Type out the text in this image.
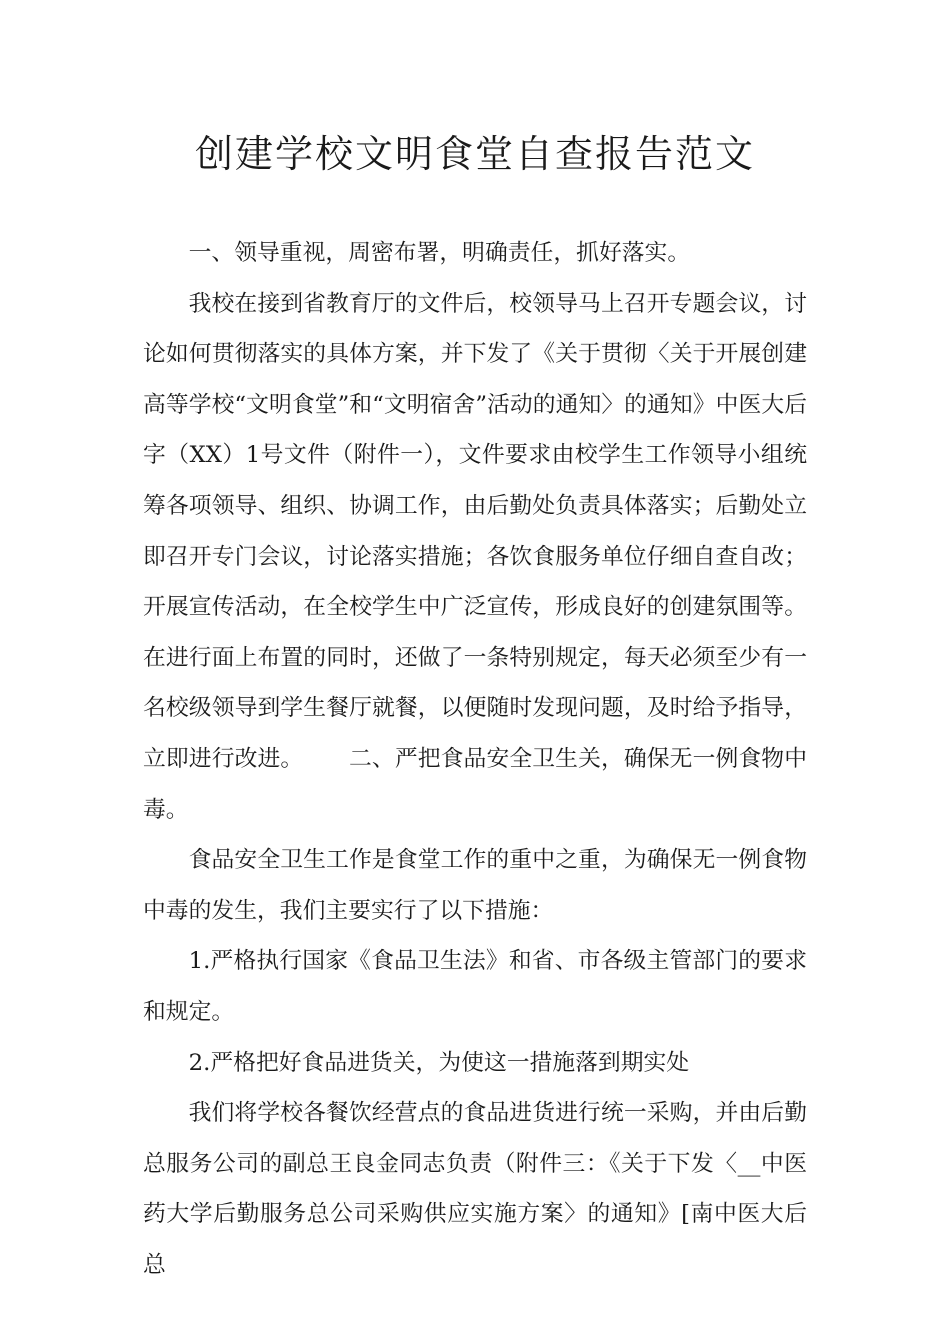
创建学校文明食堂自查报告范文

一、领导重视，周密布署，明确责任，抓好落实。

我校在接到省教育厅的文件后，校领导马上召开专题会议，讨论如何贯彻落实的具体方案，并下发了《关于贯彻〈关于开展创建高等学校“文明食堂”和“文明宿舍”活动的通知〉的通知》中医大后字（XX）1号文件（附件一），文件要求由校学生工作领导小组统筹各项领导、组织、协调工作，由后勤处负责具体落实；后勤处立即召开专门会议，讨论落实措施；各饮食服务单位仔细自查自改；开展宣传活动，在全校学生中广泛宣传，形成良好的创建氛围等。在进行面上布置的同时，还做了一条特别规定，每天必须至少有一名校级领导到学生餐厅就餐，以便随时发现问题，及时给予指导，立即进行改进。 二、严把食品安全卫生关，确保无一例食物中毒。

食品安全卫生工作是食堂工作的重中之重，为确保无一例食物中毒的发生，我们主要实行了以下措施：

1.严格执行国家《食品卫生法》和省、市各级主管部门的要求和规定。

2.严格把好食品进货关，为使这一措施落到期实处

我们将学校各餐饮经营点的食品进货进行统一采购，并由后勤总服务公司的副总王良金同志负责（附件三：《关于下发〈__中医药大学后勤服务总公司采购供应实施方案〉的通知》[南中医大后总
